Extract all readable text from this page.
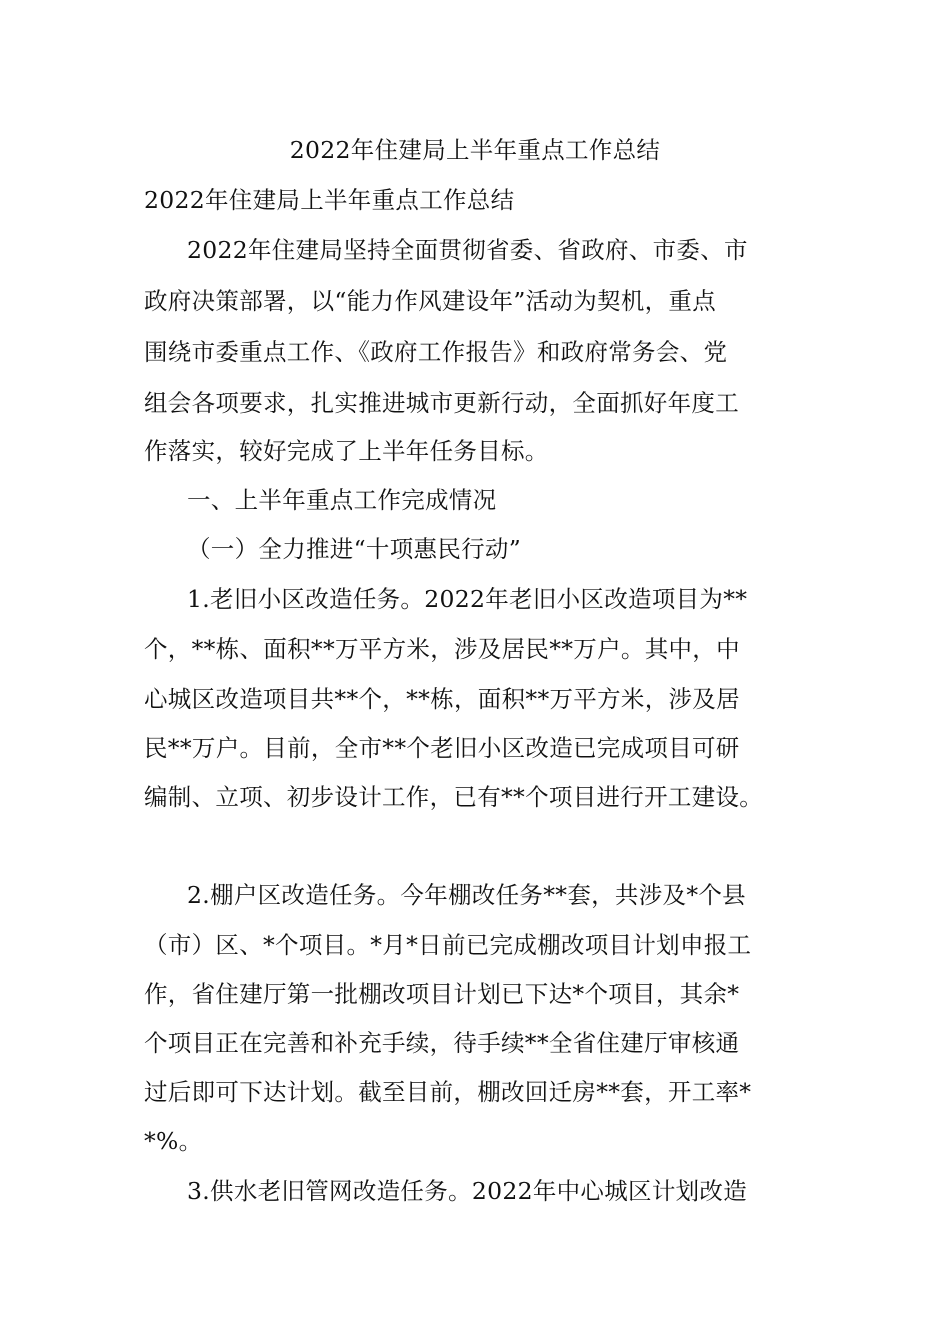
2022年住建局上半年重点工作总结
2022年住建局上半年重点工作总结
2022年住建局坚持全面贯彻省委、省政府、市委、市
政府决策部署，以“能力作风建设年”活动为契机，重点
围绕市委重点工作、《政府工作报告》和政府常务会、党
组会各项要求，扎实推进城市更新行动，全面抓好年度工
作落实，较好完成了上半年任务目标。
一、上半年重点工作完成情况
（一）全力推进“十项惠民行动”
1.老旧小区改造任务。2022年老旧小区改造项目为**
个，**栋、面积**万平方米，涉及居民**万户。其中，中
心城区改造项目共**个，**栋，面积**万平方米，涉及居
民**万户。目前，全市**个老旧小区改造已完成项目可研
编制、立项、初步设计工作，已有**个项目进行开工建设。
2.棚户区改造任务。今年棚改任务**套，共涉及*个县
（市）区、*个项目。*月*日前已完成棚改项目计划申报工
作，省住建厅第一批棚改项目计划已下达*个项目，其余*
个项目正在完善和补充手续，待手续**全省住建厅审核通
过后即可下达计划。截至目前，棚改回迁房**套，开工率*
*%。
3.供水老旧管网改造任务。2022年中心城区计划改造
